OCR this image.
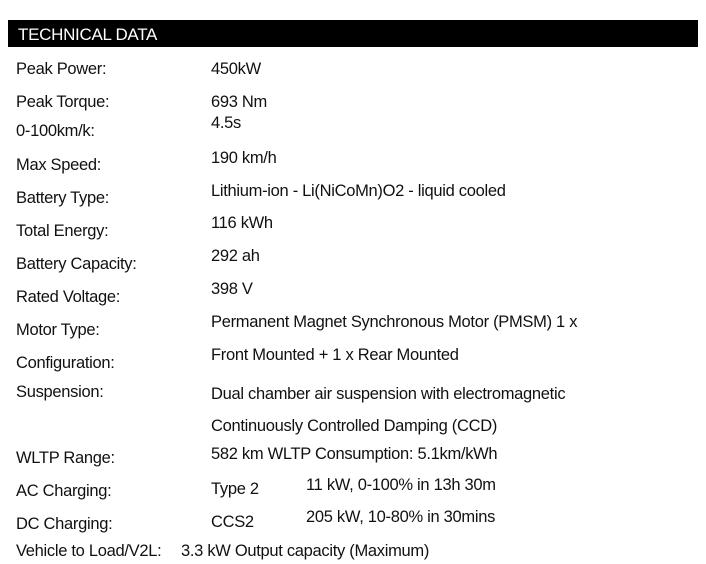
TECHNICAL DATA
Peak Power:	450kW
Peak Torque:	693 Nm
0-100km/k:	4.5s
Max Speed:	190 km/h
Battery Type:	Lithium-ion - Li(NiCoMn)O2 - liquid cooled
Total Energy:	116 kWh
Battery Capacity:	292 ah
Rated Voltage:	398 V
Motor Type:	Permanent Magnet Synchronous Motor (PMSM) 1 x
Configuration:	Front Mounted + 1 x Rear Mounted
Suspension:	Dual chamber air suspension with electromagnetic
Continuously Controlled Damping (CCD)
WLTP Range:	582 km WLTP Consumption: 5.1km/kWh
AC Charging:	Type 2	11 kW, 0-100% in 13h 30m
DC Charging:	CCS2	205 kW, 10-80% in 30mins
Vehicle to Load/V2L: 3.3 kW Output capacity (Maximum)
